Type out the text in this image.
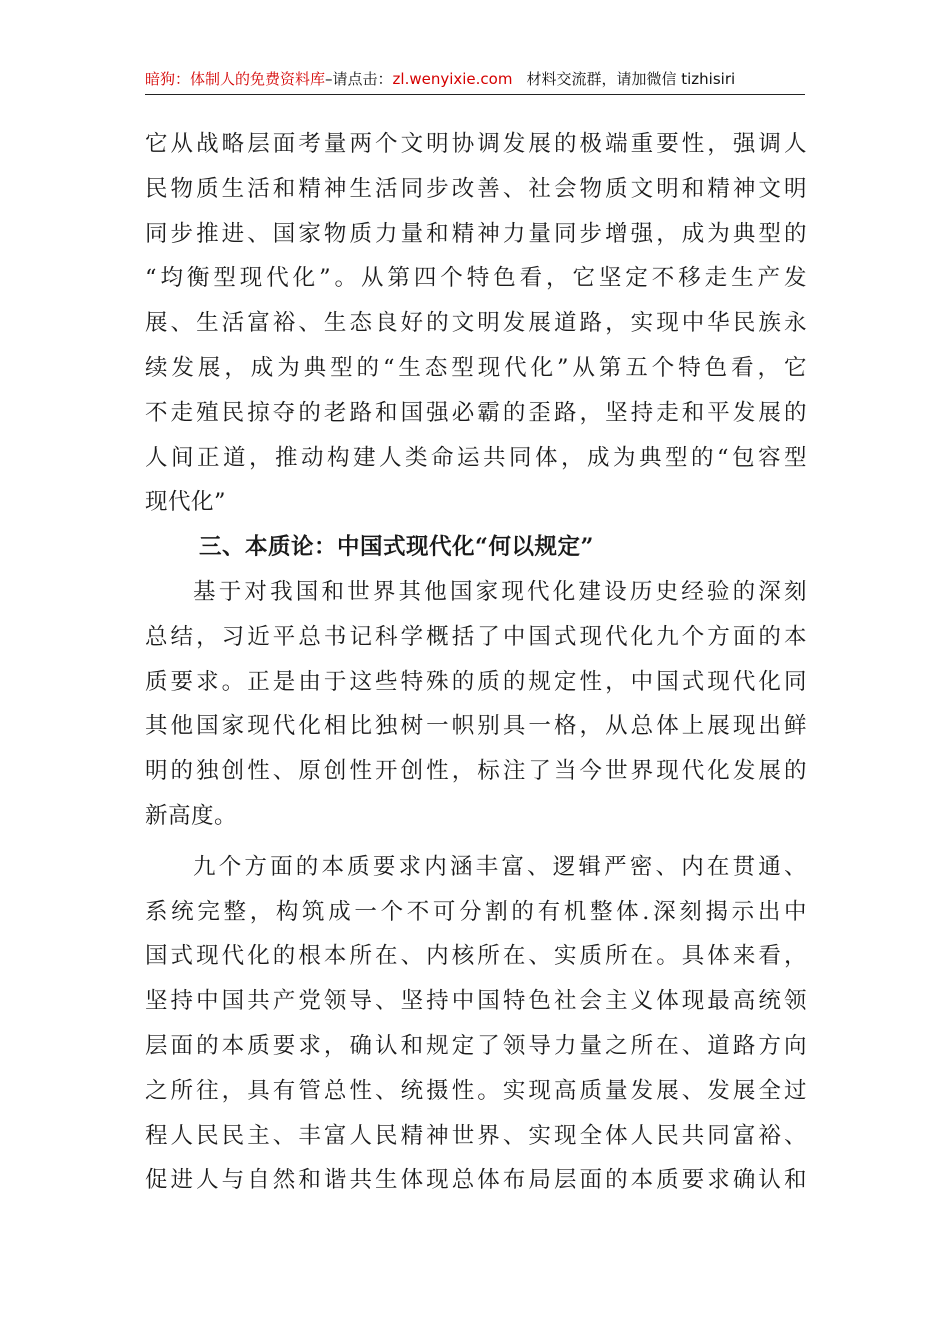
暗狗：体制人的免费资料库–请点击：zl.wenyixie.com 材料交流群，请加微信 tizhisiri
它从战略层面考量两个文明协调发展的极端重要性，强调人
民物质生活和精神生活同步改善、社会物质文明和精神文明
同步推进、国家物质力量和精神力量同步增强，成为典型的
“均衡型现代化”。从第四个特色看，它坚定不移走生产发
展、生活富裕、生态良好的文明发展道路，实现中华民族永
续发展，成为典型的“生态型现代化”从第五个特色看，它
不走殖民掠夺的老路和国强必霸的歪路，坚持走和平发展的
人间正道，推动构建人类命运共同体，成为典型的“包容型
现代化”
三、本质论：中国式现代化“何以规定”
基于对我国和世界其他国家现代化建设历史经验的深刻
总结，习近平总书记科学概括了中国式现代化九个方面的本
质要求。正是由于这些特殊的质的规定性，中国式现代化同
其他国家现代化相比独树一帜别具一格，从总体上展现出鲜
明的独创性、原创性开创性，标注了当今世界现代化发展的
新高度。
九个方面的本质要求内涵丰富、逻辑严密、内在贯通、
系统完整，构筑成一个不可分割的有机整体.深刻揭示出中
国式现代化的根本所在、内核所在、实质所在。具体来看，
坚持中国共产党领导、坚持中国特色社会主义体现最高统领
层面的本质要求，确认和规定了领导力量之所在、道路方向
之所往，具有管总性、统摄性。实现高质量发展、发展全过
程人民民主、丰富人民精神世界、实现全体人民共同富裕、
促进人与自然和谐共生体现总体布局层面的本质要求确认和
